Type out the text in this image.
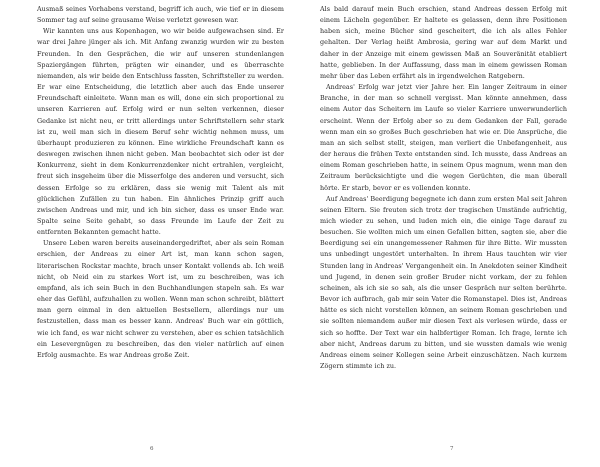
Ausmaß seines Vorhabens verstand, begriff ich auch, wie tief er in diesem Sommer tag auf seine grausame Weise verletzt gewesen war.

Wir kannten uns aus Kopenhagen, wo wir beide aufgewachsen sind. Er war drei Jahre jünger als ich. Mit Anfang zwanzig wurden wir zu besten Freunden. In den Gesprächen, die wir auf unseren stundenlangen Spaziergängen führten, prägten wir einander, und es überraschte niemanden, als wir beide den Entschluss fassten, Schriftsteller zu werden. Er war eine Entscheidung, die letztlich aber auch das Ende unserer Freundschaft einleitete. Wann man es will, done ein sich proportional zu unseren Karrieren auf. Erfolg wird er nun selten verkennen, dieser Gedanke ist nicht neu, er tritt allerdings unter Schriftstellern sehr stark ist zu, weil man sich in diesem Beruf sehr wichtig nehmen muss, um überhaupt produzieren zu können. Eine wirkliche Freundschaft kann es deswegen zwischen ihnen nicht geben. Man beobachtet sich oder ist der Konkurrenz, sieht in dem Konkurrenzdenker nicht ertrahlen, vergleicht, freut sich insgeheim über die Misserfolge des anderen und versucht, sich dessen Erfolge so zu erklären, dass sie wenig mit Talent als mit glücklichen Zufällen zu tun haben. Ein ähnliches Prinzip griff auch zwischen Andreas und mir, und ich bin sicher, dass es unser Ende war. Spalte seine Seite gehabt, so dass Freunde im Laufe der Zeit zu entfernten Bekannten gemacht hatte.

Unsere Leben waren bereits auseinandergedriftet, aber als sein Roman erschien, der Andreas zu einer Art ist, man kann schon sagen, literarischen Rockstar machte, brach unser Kontakt vollends ab. Ich weiß nicht, ob Neid ein zu starkes Wort ist, um zu beschreiben, was ich empfand, als ich sein Buch in den Buchhandlungen stapeln sah. Es war eher das Gefühl, aufzuhallen zu wollen. Wenn man schon schreibt, blättert man gern einmal in den aktuellen Bestsellern, allerdings nur um festzustellen, dass man es besser kann. Andreas' Buch war ein göttlich, wie ich fand, es war nicht schwer zu verstehen, aber es schien tatsächlich ein Lesevergnügen zu beschreiben, das den vieler natürlich auf einen Erfolg ausmachte. Es war Andreas große Zeit.

6

Als bald darauf mein Buch erschien, stand Andreas dessen Erfolg mit einem Lächeln gegenüber. Er haltete es gelassen, denn ihre Positionen haben sich, meine Bücher sind gescheitert, die ich als alles Fehler gehalten. Der Verlag heißt Ambrosia, gering war auf dem Markt und daher in der Anzeige mit einem gewissen Maß an Souveränität etabliert hatte, geblieben. In der Auffassung, dass man in einem gewissen Roman mehr über das Leben erfährt als in irgendwelchen Ratgebern.

Andreas' Erfolg war jetzt vier Jahre her. Ein langer Zeitraum in einer Branche, in der man so schnell vergisst. Man könnte annehmen, dass einem Autor das Scheitern im Laufe so vieler Karriere unwerwunderlich erscheint. Wenn der Erfolg aber so zu dem Gedanken der Fall, gerade wenn man ein so großes Buch geschrieben hat wie er. Die Ansprüche, die man an sich selbst stellt, steigen, man verliert die Unbefangenheit, aus der heraus die frühen Texte entstanden sind. Ich musste, dass Andreas an einem Roman geschrieben hatte, in seinem Opus magnum, wenn man den Zeitraum berücksichtigte und die wegen Gerüchten, die man überall hörte. Er starb, bevor er es vollenden konnte.

Auf Andreas' Beerdigung begegnete ich dann zum ersten Mal seit Jahren seinen Eltern. Sie freuten sich trotz der tragischen Umstände aufrichtig, mich wieder zu sehen, und luden mich ein, die einige Tage darauf zu besuchen. Sie wollten mich um einen Gefallen bitten, sagten sie, aber die Beerdigung sei ein unangemessener Rahmen für ihre Bitte. Wir mussten uns unbedingt ungestört unterhalten. In ihrem Haus tauchten wir vier Stunden lang in Andreas' Vergangenheit ein. In Anekdoten seiner Kindheit und Jugend, in denen sein großer Bruder nicht vorkam, der zu fehlen scheinen, als ich sie so sah, als die unser Gespräch nur selten berührte. Bevor ich aufbrach, gab mir sein Vater die Romanstapel. Dies ist, Andreas hätte es sich nicht vorstellen können, an seinem Roman geschrieben und sie sollten niemandem außer mir diesen Text als verlesen würde, dass er sich so hoffte. Der Text war ein halbfertiger Roman. Ich frage, lernte ich aber nicht, Andreas darum zu bitten, und sie wussten damals wie wenig Andreas einem seiner Kollegen seine Arbeit einzuschätzen. Nach kurzem Zögern stimmte ich zu.

7
